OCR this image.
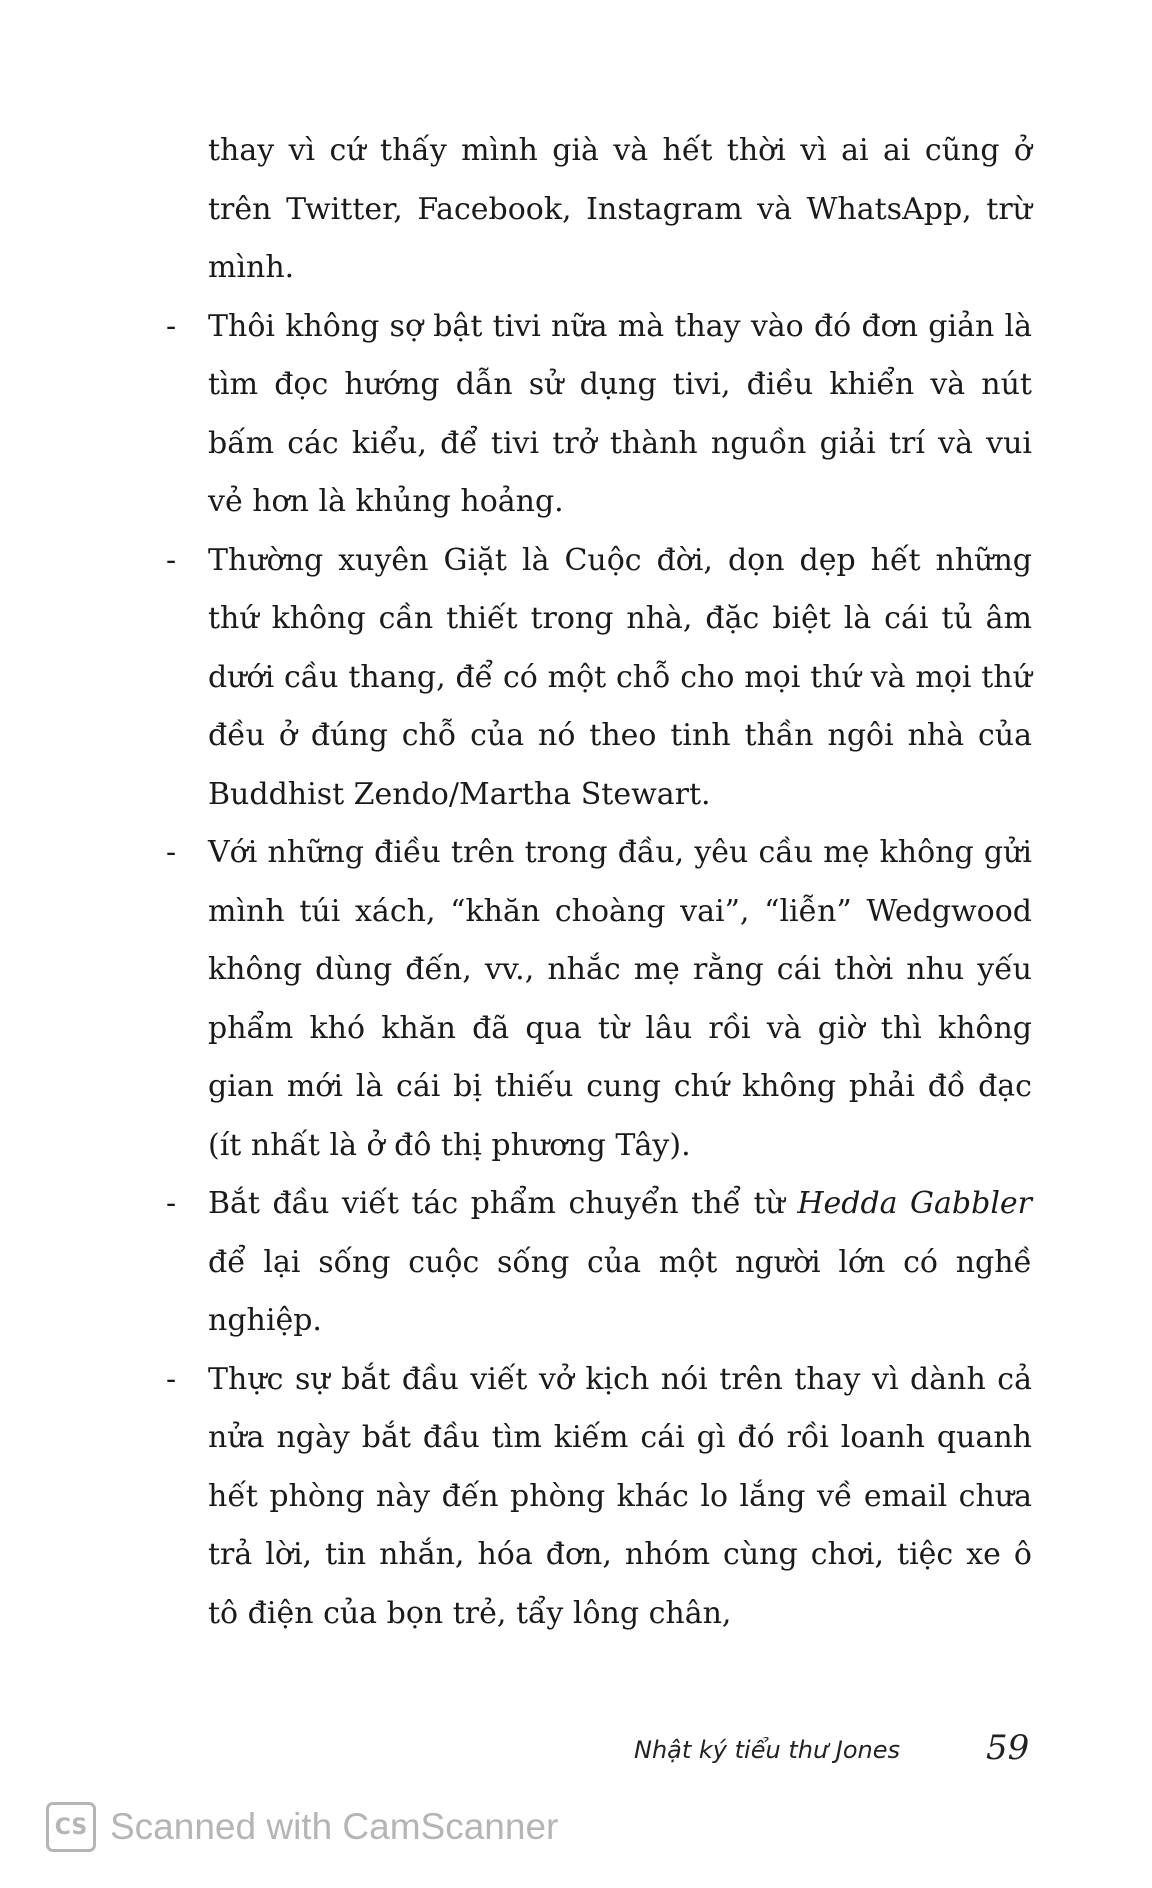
thay vì cứ thấy mình già và hết thời vì ai ai cũng ở trên Twitter, Facebook, Instagram và WhatsApp, trừ mình.

- Thôi không sợ bật tivi nữa mà thay vào đó đơn giản là tìm đọc hướng dẫn sử dụng tivi, điều khiển và nút bấm các kiểu, để tivi trở thành nguồn giải trí và vui vẻ hơn là khủng hoảng.

- Thường xuyên Giặt là Cuộc đời, dọn dẹp hết những thứ không cần thiết trong nhà, đặc biệt là cái tủ âm dưới cầu thang, để có một chỗ cho mọi thứ và mọi thứ đều ở đúng chỗ của nó theo tinh thần ngôi nhà của Buddhist Zendo/Martha Stewart.

- Với những điều trên trong đầu, yêu cầu mẹ không gửi mình túi xách, “khăn choàng vai”, “liễn” Wedgwood không dùng đến, vv., nhắc mẹ rằng cái thời nhu yếu phẩm khó khăn đã qua từ lâu rồi và giờ thì không gian mới là cái bị thiếu cung chứ không phải đồ đạc (ít nhất là ở đô thị phương Tây).

- Bắt đầu viết tác phẩm chuyển thể từ Hedda Gabbler để lại sống cuộc sống của một người lớn có nghề nghiệp.

- Thực sự bắt đầu viết vở kịch nói trên thay vì dành cả nửa ngày bắt đầu tìm kiếm cái gì đó rồi loanh quanh hết phòng này đến phòng khác lo lắng về email chưa trả lời, tin nhắn, hóa đơn, nhóm cùng chơi, tiệc xe ô tô điện của bọn trẻ, tẩy lông chân,

Nhật ký tiểu thư Jones	59
CS Scanned with CamScanner
